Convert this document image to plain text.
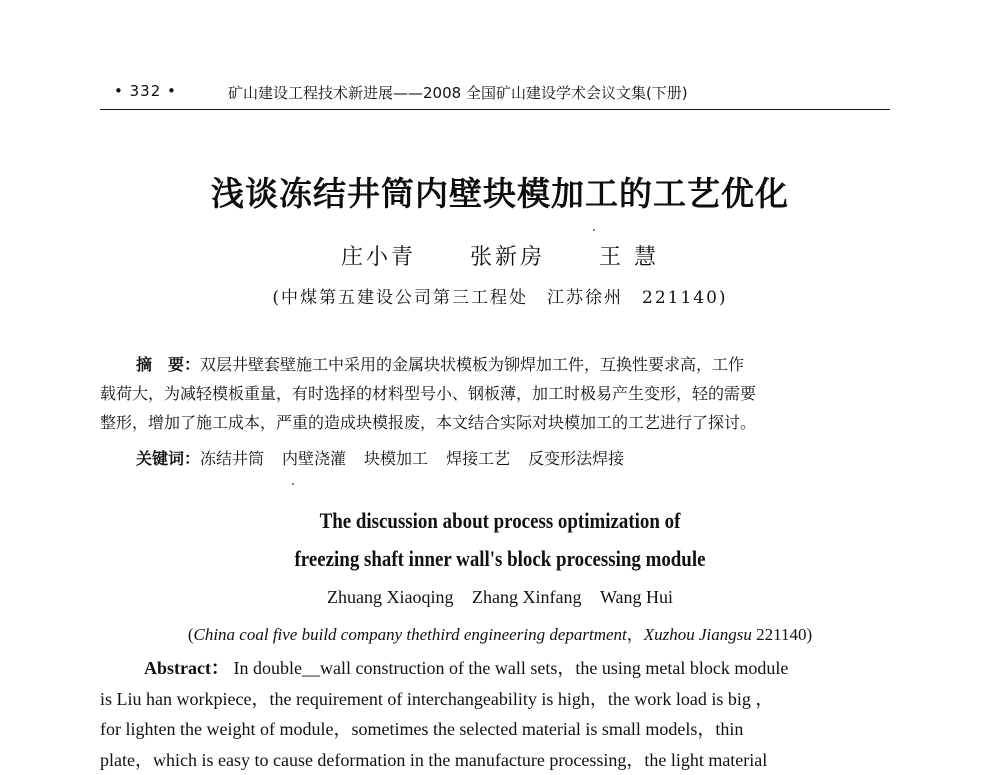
• 332 •	矿山建设工程技术新进展——2008 全国矿山建设学术会议文集(下册)
浅谈冻结井筒内壁块模加工的工艺优化
庄小青 张新房 王 慧
(中煤第五建设公司第三工程处　江苏徐州　221140)
摘　要：双层井壁套壁施工中采用的金属块状模板为铆焊加工件，互换性要求高，工作
载荷大，为减轻模板重量，有时选择的材料型号小、钢板薄，加工时极易产生变形，轻的需要
整形，增加了施工成本，严重的造成块模报废，本文结合实际对块模加工的工艺进行了探讨。
关键词：冻结井筒 内壁浇灌 块模加工 焊接工艺 反变形法焊接
The discussion about process optimization of
freezing shaft inner wall's block processing module
Zhuang Xiaoqing Zhang Xinfang Wang Hui
(China coal five build company thethird engineering department，Xuzhou Jiangsu 221140)

Abstract： In double__wall construction of the wall sets，the using metal block module

is Liu han workpiece，the requirement of interchangeability is high，the work load is big ，

for lighten the weight of module，sometimes the selected material is small models，thin

plate，which is easy to cause deformation in the manufacture processing，the light material
